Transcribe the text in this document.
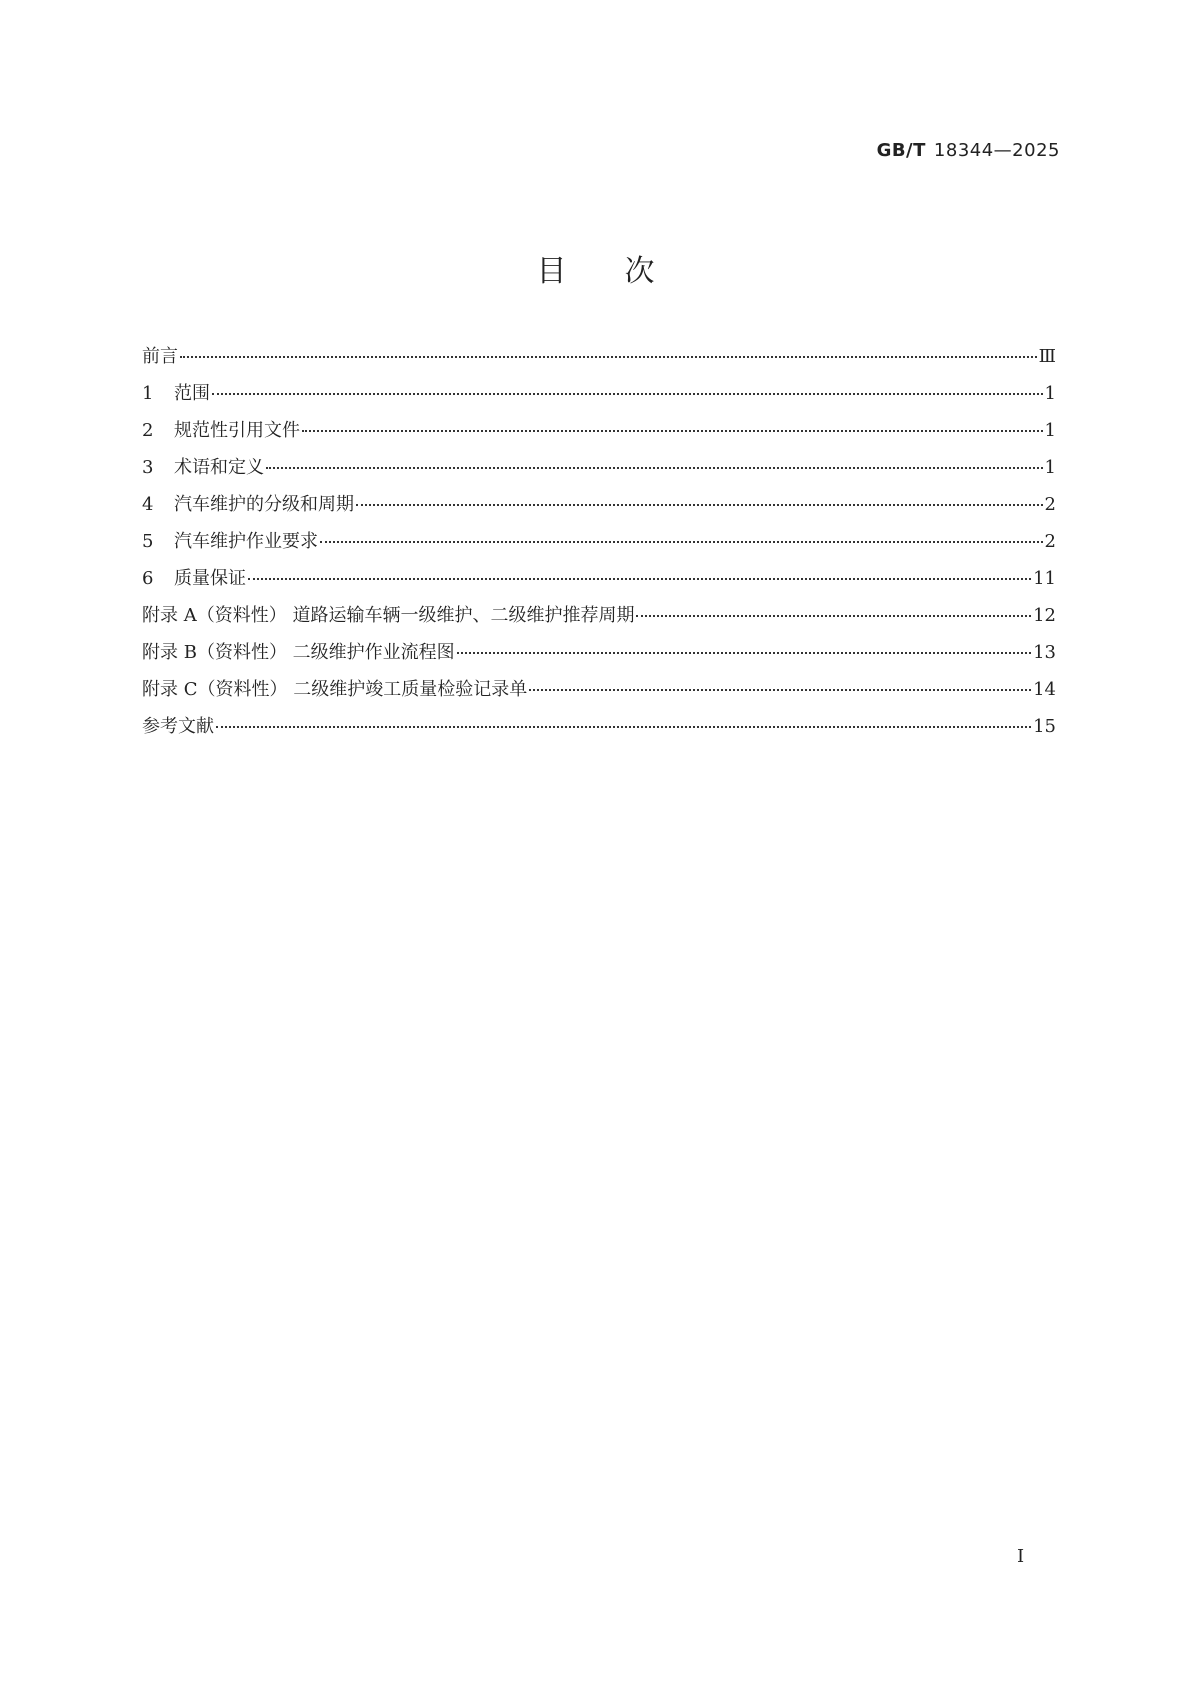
GB/T 18344—2025
目次
前言	Ⅲ
1	范围	1
2	规范性引用文件	1
3	术语和定义	1
4	汽车维护的分级和周期	2
5	汽车维护作业要求	2
6	质量保证	11
附录 A（资料性） 道路运输车辆一级维护、二级维护推荐周期	12
附录 B（资料性） 二级维护作业流程图	13
附录 C（资料性） 二级维护竣工质量检验记录单	14
参考文献	15
I
